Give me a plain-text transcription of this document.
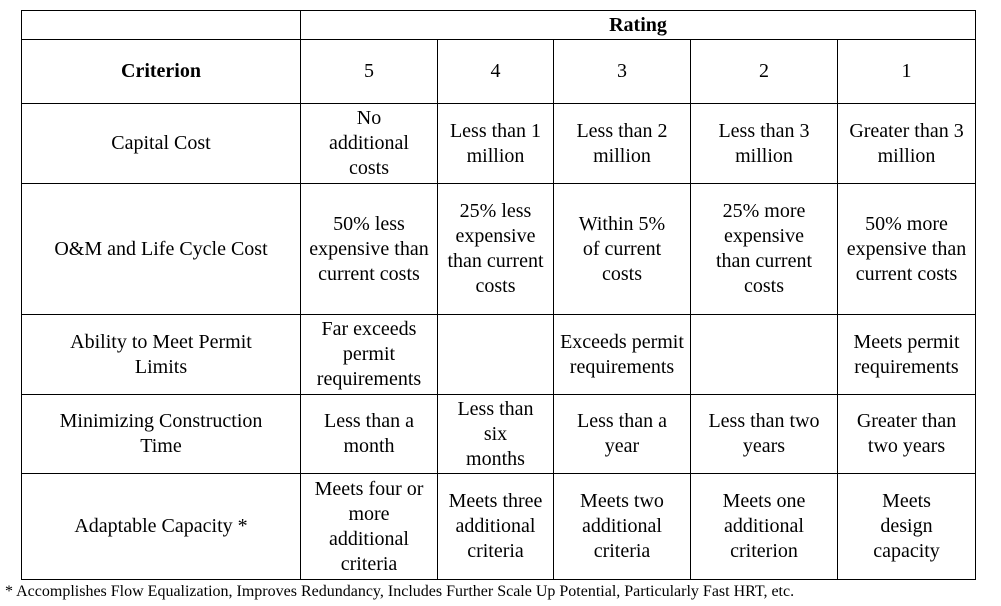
	Rating				
Criterion	5	4	3	2	1
Capital Cost	No additional costs	Less than 1 million	Less than 2 million	Less than 3 million	Greater than 3 million
O&M and Life Cycle Cost	50% less expensive than current costs	25% less expensive than current costs	Within 5% of current costs	25% more expensive than current costs	50% more expensive than current costs
Ability to Meet Permit Limits	Far exceeds permit requirements		Exceeds permit requirements		Meets permit requirements
Minimizing Construction Time	Less than a month	Less than six months	Less than a year	Less than two years	Greater than two years
Adaptable Capacity *	Meets four or more additional criteria	Meets three additional criteria	Meets two additional criteria	Meets one additional criterion	Meets design capacity
* Accomplishes Flow Equalization, Improves Redundancy, Includes Further Scale Up Potential, Particularly Fast HRT, etc.
